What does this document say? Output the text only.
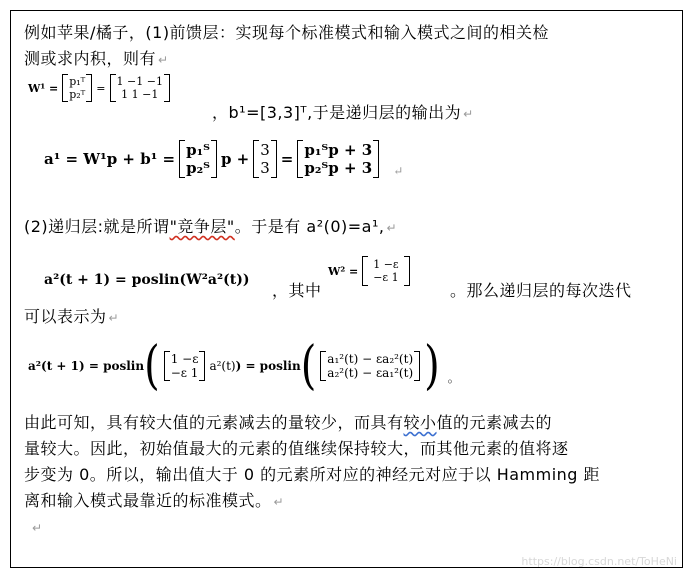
例如苹果/橘子，(1)前馈层：实现每个标准模式和输入模式之间的相关检
测或求内积，则有 ↵
W¹ = p₁ᵀ
p₂ᵀ = 1 −1 −1
1 1 −1
，b¹=[3,3]ᵀ,于是递归层的输出为 ↵
a¹ = W¹p + b¹ = p₁ᵀ
p₂ᵀ p + 3
3 = p₁ᵀp + 3
p₂ᵀp + 3 ↵
(2)递归层:就是所谓"竞争层"。于是有 a²(0)=a¹, ↵
a²(t + 1) = poslin(W²a²(t))
，其中
W² = 1 −ε
−ε 1
。那么递归层的每次迭代
可以表示为 ↵
a²(t + 1) = poslin ( 1 −ε
−ε 1 a²(t) ) = poslin ( a₁²(t) − εa₂²(t)
a₂²(t) − εa₁²(t) ) 。
由此可知，具有较大值的元素减去的量较少，而具有较小值的元素减去的
量较大。因此，初始值最大的元素的值继续保持较大，而其他元素的值将逐
步变为 0。所以，输出值大于 0 的元素所对应的神经元对应于以 Hamming 距
离和输入模式最靠近的标准模式。 ↵
↵
https://blog.csdn.net/ToHeNi
